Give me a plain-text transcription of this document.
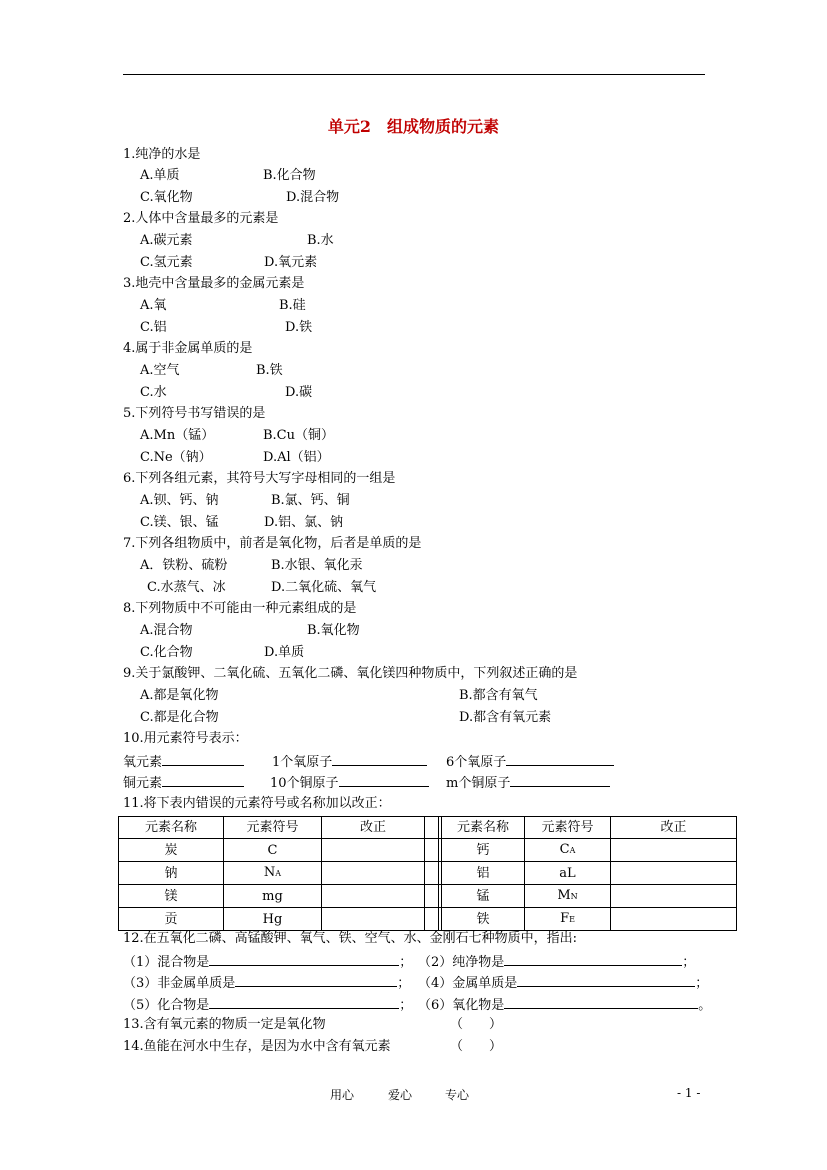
单元2　组成物质的元素
1.纯净的水是
A.单质	B.化合物
C.氧化物	D.混合物
2.人体中含量最多的元素是
A.碳元素	B.水
C.氢元素	D.氧元素
3.地壳中含量最多的金属元素是
A.氧	B.硅
C.铝	D.铁
4.属于非金属单质的是
A.空气	B.铁
C.水	D.碳
5.下列符号书写错误的是
A.Mn（锰）	B.Cu（铜）
C.Ne（钠）	D.Al（铝）
6.下列各组元素，其符号大写字母相同的一组是
A.钡、钙、钠	B.氯、钙、铜
C.镁、银、锰	D.铝、氯、钠
7.下列各组物质中，前者是氧化物，后者是单质的是
A．铁粉、硫粉	B.水银、氧化汞
C.水蒸气、冰	D.二氧化硫、氧气
8.下列物质中不可能由一种元素组成的是
A.混合物	B.氧化物
C.化合物	D.单质
9.关于氯酸钾、二氧化硫、五氧化二磷、氧化镁四种物质中，下列叙述正确的是
A.都是氧化物	B.都含有氧气
C.都是化合物	D.都含有氧元素
10.用元素符号表示：
氧元素	1个氧原子	6个氧原子
铜元素	10个铜原子	m个铜原子
11.将下表内错误的元素符号或名称加以改正：
元素名称	元素符号	改正			元素名称	元素符号	改正
炭	C				钙	CA	
钠	NA				铝	aL	
镁	mg				锰	MN	
贡	Hg				铁	FE	
12.在五氧化二磷、高锰酸钾、氧气、铁、空气、水、金刚石七种物质中，指出:
（1）混合物是	； （2）纯净物是	；
（3）非金属单质是	； （4）金属单质是	；
（5）化合物是	； （6）氧化物是	。
13.含有氧元素的物质一定是氧化物	（　　）
14.鱼能在河水中生存，是因为水中含有氧元素	（　　）
用心	爱心	专心	- 1 -
